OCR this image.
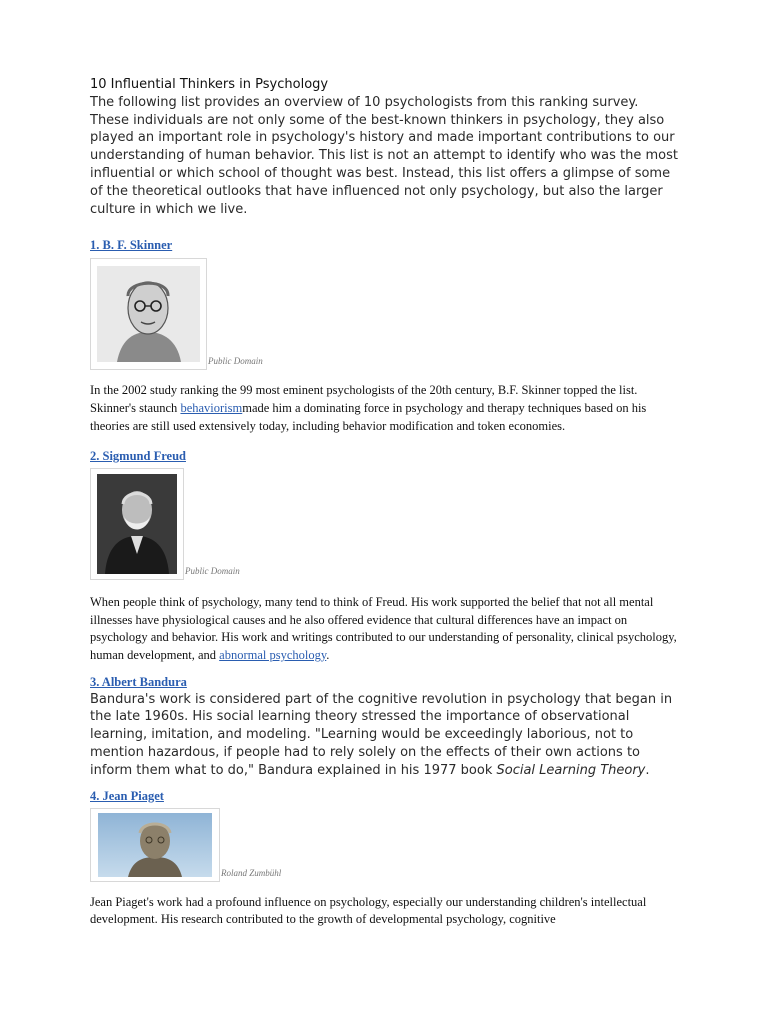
10 Influential Thinkers in Psychology

The following list provides an overview of 10 psychologists from this ranking survey. These individuals are not only some of the best-known thinkers in psychology, they also played an important role in psychology's history and made important contributions to our understanding of human behavior. This list is not an attempt to identify who was the most influential or which school of thought was best. Instead, this list offers a glimpse of some of the theoretical outlooks that have influenced not only psychology, but also the larger culture in which we live.

1. B. F. Skinner
Public Domain

In the 2002 study ranking the 99 most eminent psychologists of the 20th century, B.F. Skinner topped the list. Skinner's staunch behaviorismmade him a dominating force in psychology and therapy techniques based on his theories are still used extensively today, including behavior modification and token economies.

2. Sigmund Freud
Public Domain

When people think of psychology, many tend to think of Freud. His work supported the belief that not all mental illnesses have physiological causes and he also offered evidence that cultural differences have an impact on psychology and behavior. His work and writings contributed to our understanding of personality, clinical psychology, human development, and abnormal psychology.

3. Albert Bandura

Bandura's work is considered part of the cognitive revolution in psychology that began in the late 1960s. His social learning theory stressed the importance of observational learning, imitation, and modeling. "Learning would be exceedingly laborious, not to mention hazardous, if people had to rely solely on the effects of their own actions to inform them what to do," Bandura explained in his 1977 book Social Learning Theory.

4. Jean Piaget
Roland Zumbühl

Jean Piaget's work had a profound influence on psychology, especially our understanding children's intellectual development. His research contributed to the growth of developmental psychology, cognitive
